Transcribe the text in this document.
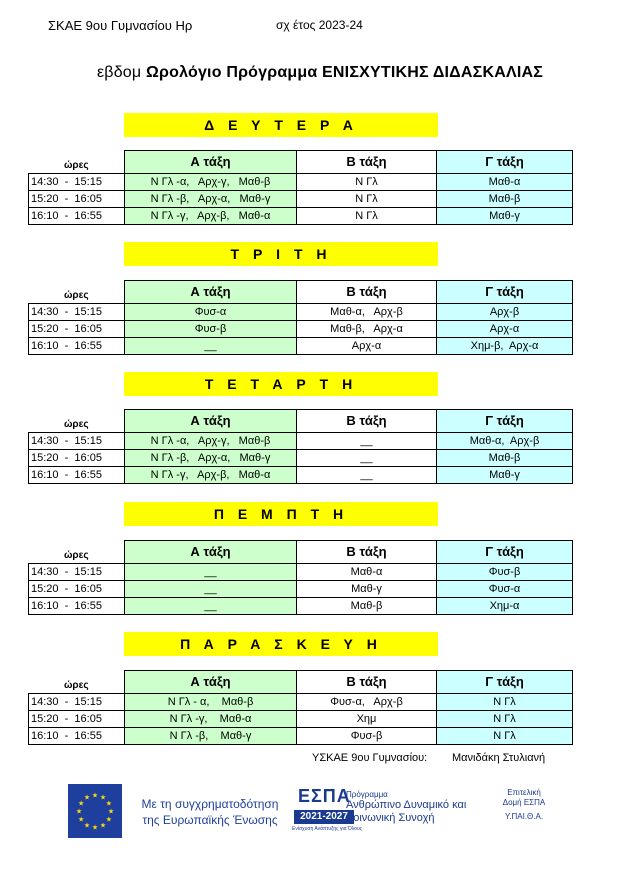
ΣΚΑΕ 9ου Γυμνασίου Ηρ	σχ έτος 2023-24
εβδομ Ωρολόγιο Πρόγραμμα ΕΝΙΣΧΥΤΙΚΗΣ ΔΙΔΑΣΚΑΛΙΑΣ
Δ Ε Υ Τ Ε Ρ Α
ώρες	Α τάξη	Β τάξη	Γ τάξη
14:30  -  15:15	Ν Γλ -α,   Αρχ-γ,   Μαθ-β	Ν Γλ	Μαθ-α
15:20  -  16:05	Ν Γλ -β,   Αρχ-α,   Μαθ-γ	Ν Γλ	Μαθ-β
16:10  -  16:55	Ν Γλ -γ,   Αρχ-β,   Μαθ-α	Ν Γλ	Μαθ-γ
Τ Ρ Ι Τ Η
ώρες	Α τάξη	Β τάξη	Γ τάξη
14:30  -  15:15	Φυσ-α	Μαθ-α,   Αρχ-β	Αρχ-β
15:20  -  16:05	Φυσ-β	Μαθ-β,   Αρχ-α	Αρχ-α
16:10  -  16:55	__	Αρχ-α	Χημ-β,  Αρχ-α
Τ Ε Τ Α Ρ Τ Η
ώρες	Α τάξη	Β τάξη	Γ τάξη
14:30  -  15:15	Ν Γλ -α,   Αρχ-γ,   Μαθ-β	__	Μαθ-α,  Αρχ-β
15:20  -  16:05	Ν Γλ -β,   Αρχ-α,   Μαθ-γ	__	Μαθ-β
16:10  -  16:55	Ν Γλ -γ,   Αρχ-β,   Μαθ-α	__	Μαθ-γ
Π Ε Μ Π Τ Η
ώρες	Α τάξη	Β τάξη	Γ τάξη
14:30  -  15:15	__	Μαθ-α	Φυσ-β
15:20  -  16:05	__	Μαθ-γ	Φυσ-α
16:10  -  16:55	__	Μαθ-β	Χημ-α
Π Α Ρ Α Σ Κ Ε Υ Η
ώρες	Α τάξη	Β τάξη	Γ τάξη
14:30  -  15:15	Ν Γλ - α,    Μαθ-β	Φυσ-α,   Αρχ-β	Ν Γλ
15:20  -  16:05	Ν Γλ -γ,    Μαθ-α	Χημ	Ν Γλ
16:10  -  16:55	Ν Γλ -β,    Μαθ-γ	Φυσ-β	Ν Γλ
ΥΣΚΑΕ 9ου Γυμνασίου: Μανιδάκη Στυλιανή
★
★
★
★
★
★
★
★
★ ★ ★
★	Με τη συγχρηματοδότηση
της Ευρωπαϊκής Ένωσης
ΕΣΠΑ
2021-2027
Ενίσχυση Ανάπτυξης για Όλους
Πρόγραμμα
Ανθρώπινο Δυναμικό και
Κοινωνική Συνοχή
Επιτελική
Δομή ΕΣΠΑ
Υ.ΠΑΙ.Θ.Α.
